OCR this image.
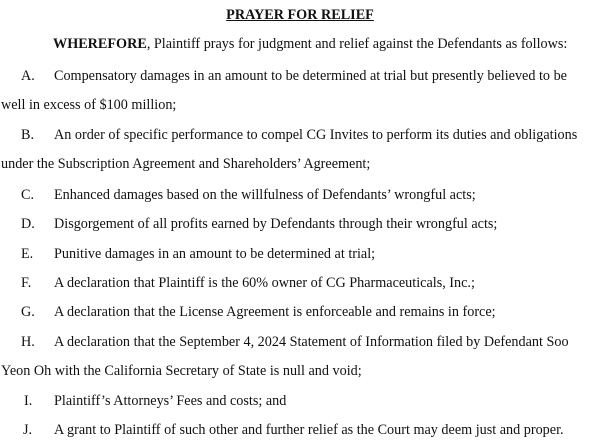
PRAYER FOR RELIEF
WHEREFORE, Plaintiff prays for judgment and relief against the Defendants as follows:
A. Compensatory damages in an amount to be determined at trial but presently believed to be
well in excess of $100 million;
B. An order of specific performance to compel CG Invites to perform its duties and obligations
under the Subscription Agreement and Shareholders’ Agreement;
C. Enhanced damages based on the willfulness of Defendants’ wrongful acts;
D. Disgorgement of all profits earned by Defendants through their wrongful acts;
E. Punitive damages in an amount to be determined at trial;
F. A declaration that Plaintiff is the 60% owner of CG Pharmaceuticals, Inc.;
G. A declaration that the License Agreement is enforceable and remains in force;
H. A declaration that the September 4, 2024 Statement of Information filed by Defendant Soo
Yeon Oh with the California Secretary of State is null and void;
I. Plaintiff’s Attorneys’ Fees and costs; and
J. A grant to Plaintiff of such other and further relief as the Court may deem just and proper.
